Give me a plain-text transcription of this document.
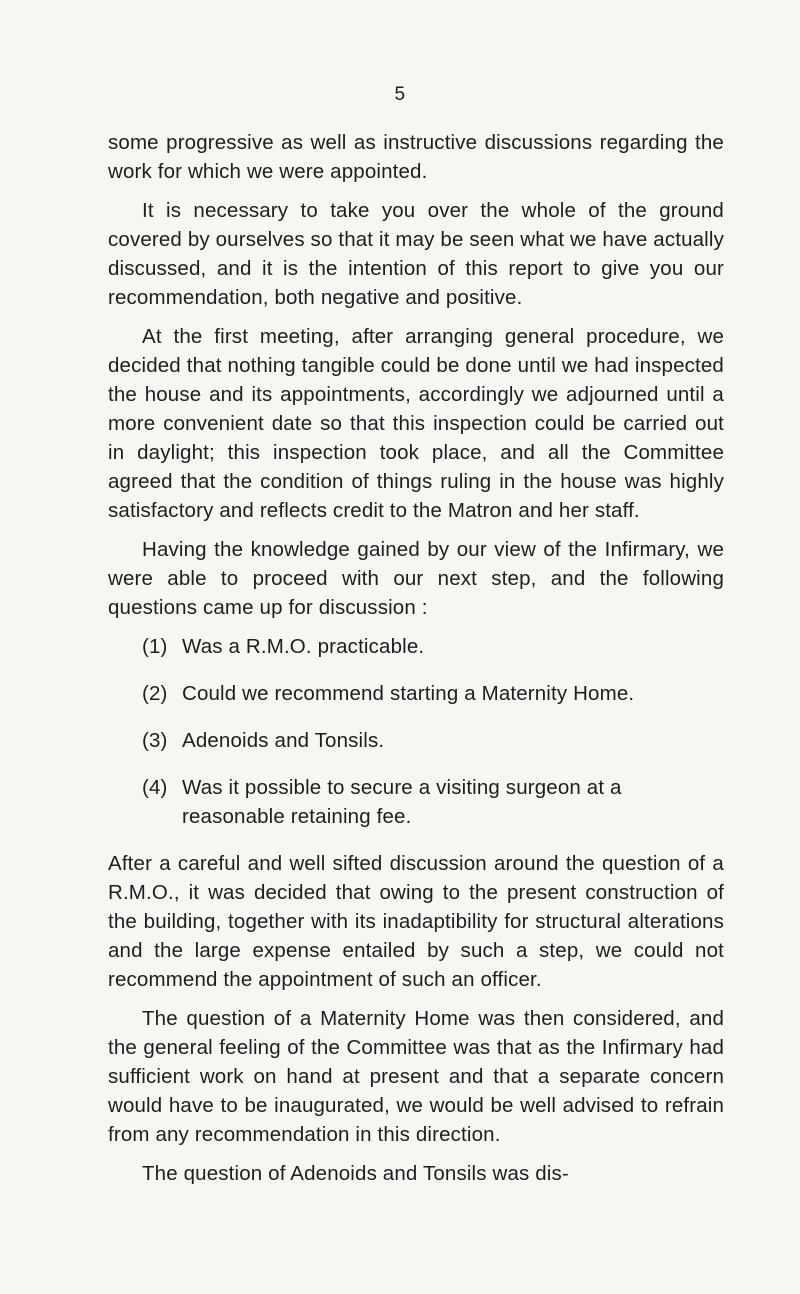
5

some progressive as well as instructive discussions regarding the work for which we were appointed.

It is necessary to take you over the whole of the ground covered by ourselves so that it may be seen what we have actually discussed, and it is the intention of this report to give you our recommendation, both negative and positive.

At the first meeting, after arranging general procedure, we decided that nothing tangible could be done until we had inspected the house and its appointments, accordingly we adjourned until a more convenient date so that this inspection could be carried out in daylight; this inspection took place, and all the Committee agreed that the condition of things ruling in the house was highly satisfactory and reflects credit to the Matron and her staff.

Having the knowledge gained by our view of the Infirmary, we were able to proceed with our next step, and the following questions came up for discussion :

(1) Was a R.M.O. practicable.
(2) Could we recommend starting a Maternity Home.
(3) Adenoids and Tonsils.
(4) Was it possible to secure a visiting surgeon at a reasonable retaining fee.

After a careful and well sifted discussion around the question of a R.M.O., it was decided that owing to the present construction of the building, together with its inadaptibility for structural alterations and the large expense entailed by such a step, we could not recommend the appointment of such an officer.

The question of a Maternity Home was then considered, and the general feeling of the Committee was that as the Infirmary had sufficient work on hand at present and that a separate concern would have to be inaugurated, we would be well advised to refrain from any recommendation in this direction.

The question of Adenoids and Tonsils was dis-
